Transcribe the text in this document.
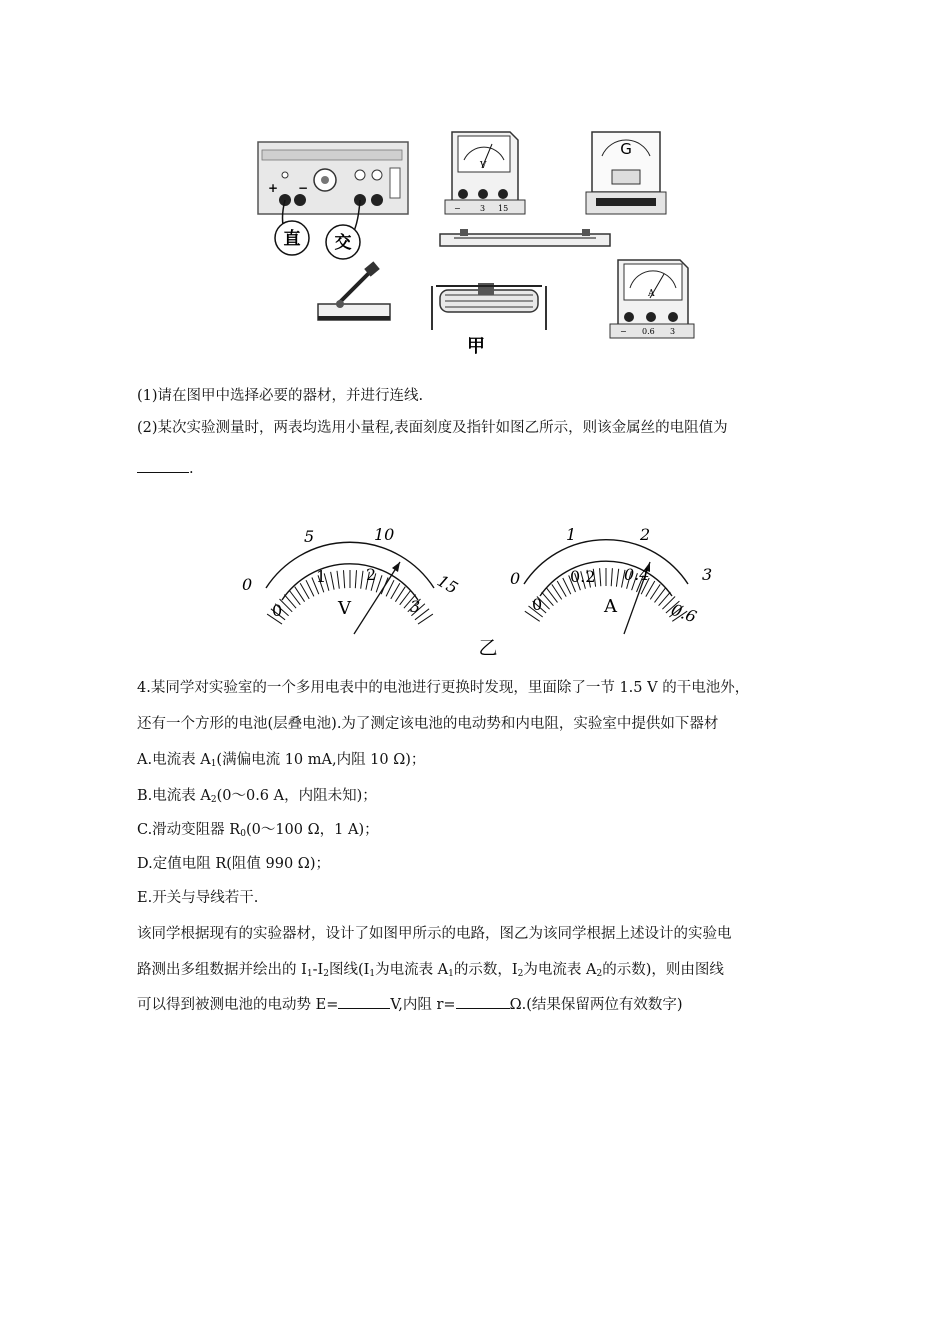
+ −
直 交
V
− 3 15
G
甲
A
− 0.6 3
(1)请在图甲中选择必要的器材，并进行连线.
(2)某次实验测量时，两表均选用小量程,表面刻度及指针如图乙所示，则该金属丝的电阻值为
.
0
5	10
15
0
1 2
3
V
0
1	2
3
0
0.2 0.4
0.6
A
乙
4.某同学对实验室的一个多用电表中的电池进行更换时发现，里面除了一节 1.5 V 的干电池外，
还有一个方形的电池(层叠电池).为了测定该电池的电动势和内电阻，实验室中提供如下器材
A.电流表 $A_1$(满偏电流 10 mA,内阻 10 Ω)；
B.电流表 $A_2(0\sim 0.6$ A，内阻未知)；
C.滑动变阻器 $R_0(0\sim 100$ Ω，1 A)；
D.定值电阻 R(阻值 990 Ω)；
E.开关与导线若干.
该同学根据现有的实验器材，设计了如图甲所示的电路，图乙为该同学根据上述设计的实验电
路测出多组数据并绘出的 $I_1-I_2$图线($I_1$为电流表 $A_1$的示数，$I_2$为电流表 $A_2$的示数)，则由图线
可以得到被测电池的电动势 E=	V,内阻 r=	Ω.(结果保留两位有效数字)
